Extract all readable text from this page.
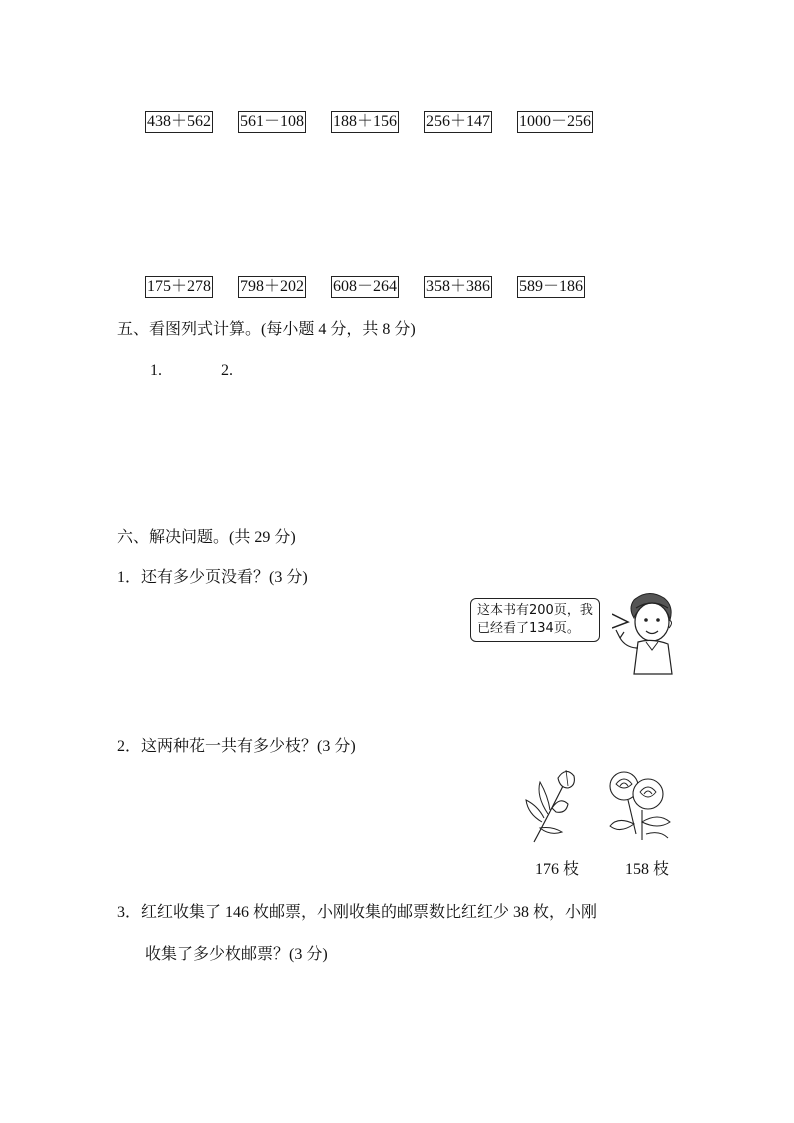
438＋562 561－108 188＋156 256＋147 1000－256
175＋278 798＋202 608－264 358＋386 589－186
五、看图列式计算。(每小题 4 分，共 8 分)
1.	2.
六、解决问题。(共 29 分)
1．还有多少页没看？(3 分)
这本书有200页，我
已经看了134页。
2．这两种花一共有多少枝？(3 分)
176 枝	158 枝
3．红红收集了 146 枚邮票，小刚收集的邮票数比红红少 38 枚，小刚
收集了多少枚邮票？(3 分)
